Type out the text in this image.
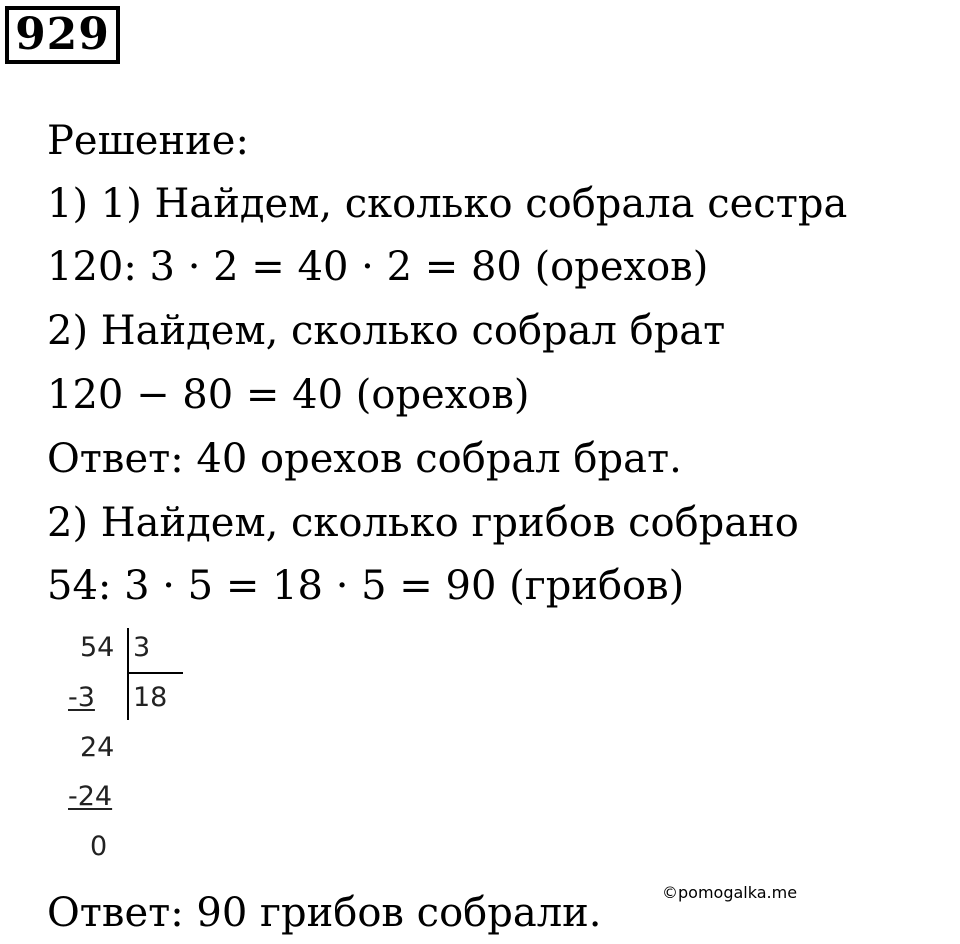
929
Решение:
1) 1) Найдем, сколько собрала сестра
120: 3 · 2 = 40 · 2 = 80 (орехов)
2) Найдем, сколько собрал брат
120 − 80 = 40 (орехов)
Ответ: 40 орехов собрал брат.
2) Найдем, сколько грибов собрано
54: 3 · 5 = 18 · 5 = 90 (грибов)
54 3
-3 18
24
-24
0
Ответ: 90 грибов собрали.	©pomogalka.me
